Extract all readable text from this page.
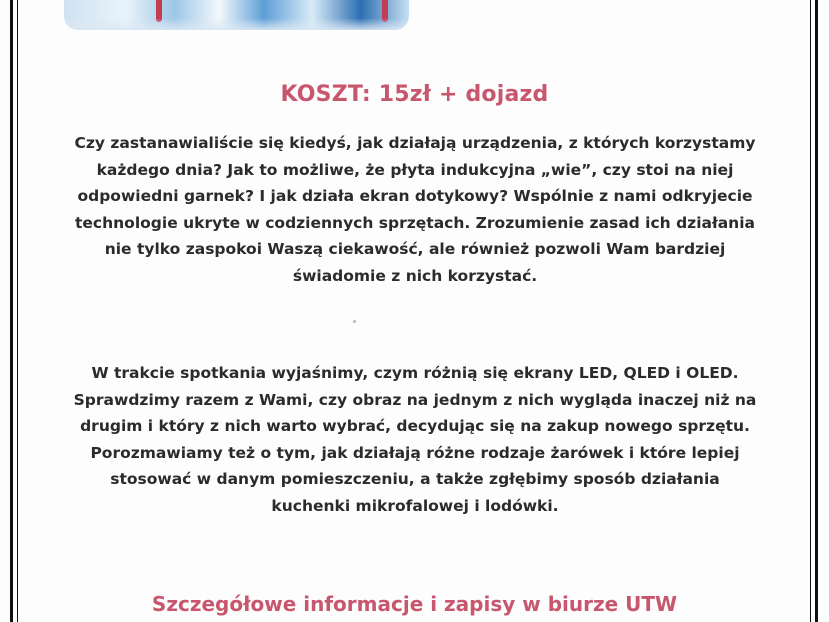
KOSZT: 15zł + dojazd
Czy zastanawialiście się kiedyś, jak działają urządzenia, z których korzystamy
każdego dnia? Jak to możliwe, że płyta indukcyjna „wie”, czy stoi na niej
odpowiedni garnek? I jak działa ekran dotykowy? Wspólnie z nami odkryjecie
technologie ukryte w codziennych sprzętach. Zrozumienie zasad ich działania
nie tylko zaspokoi Waszą ciekawość, ale również pozwoli Wam bardziej
świadomie z nich korzystać.
W trakcie spotkania wyjaśnimy, czym różnią się ekrany LED, QLED i OLED.
Sprawdzimy razem z Wami, czy obraz na jednym z nich wygląda inaczej niż na
drugim i który z nich warto wybrać, decydując się na zakup nowego sprzętu.
Porozmawiamy też o tym, jak działają różne rodzaje żarówek i które lepiej
stosować w danym pomieszczeniu, a także zgłębimy sposób działania
kuchenki mikrofalowej i lodówki.
Szczegółowe informacje i zapisy w biurze UTW
